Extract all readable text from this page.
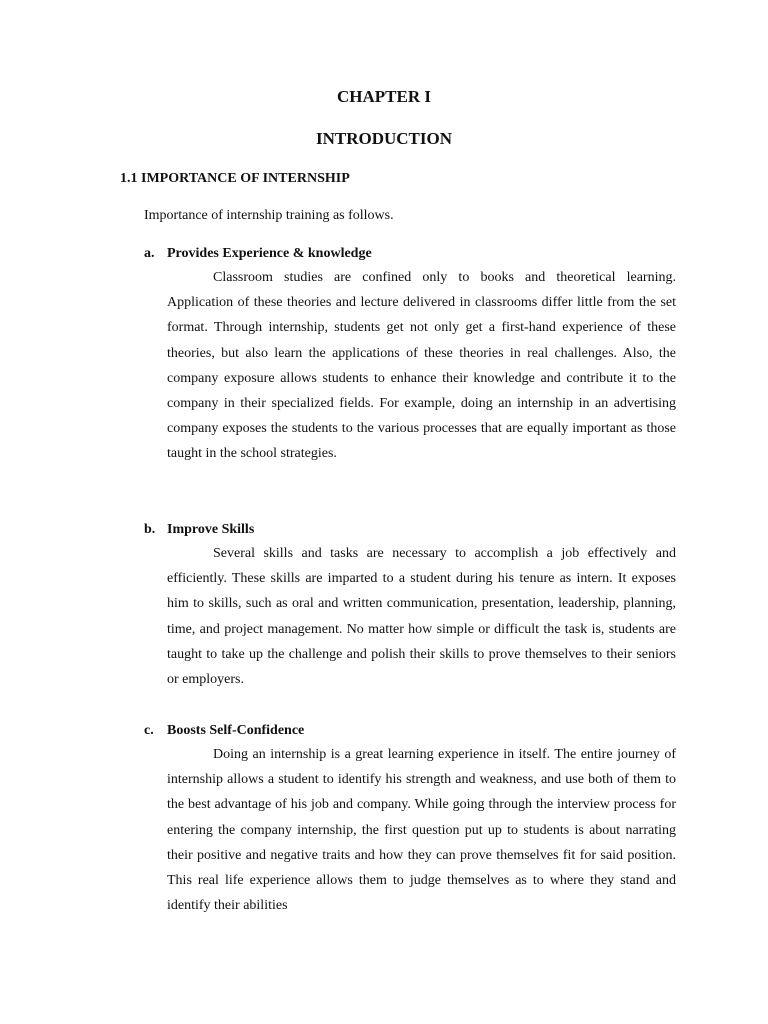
CHAPTER I
INTRODUCTION
1.1 IMPORTANCE OF INTERNSHIP

Importance of internship training as follows.

a. Provides Experience & knowledge

Classroom studies are confined only to books and theoretical learning. Application of these theories and lecture delivered in classrooms differ little from the set format. Through internship, students get not only get a first-hand experience of these theories, but also learn the applications of these theories in real challenges. Also, the company exposure allows students to enhance their knowledge and contribute it to the company in their specialized fields. For example, doing an internship in an advertising company exposes the students to the various processes that are equally important as those taught in the school strategies.

b. Improve Skills

Several skills and tasks are necessary to accomplish a job effectively and efficiently. These skills are imparted to a student during his tenure as intern. It exposes him to skills, such as oral and written communication, presentation, leadership, planning, time, and project management. No matter how simple or difficult the task is, students are taught to take up the challenge and polish their skills to prove themselves to their seniors or employers.

c. Boosts Self-Confidence

Doing an internship is a great learning experience in itself. The entire journey of internship allows a student to identify his strength and weakness, and use both of them to the best advantage of his job and company. While going through the interview process for entering the company internship, the first question put up to students is about narrating their positive and negative traits and how they can prove themselves fit for said position. This real life experience allows them to judge themselves as to where they stand and identify their abilities
